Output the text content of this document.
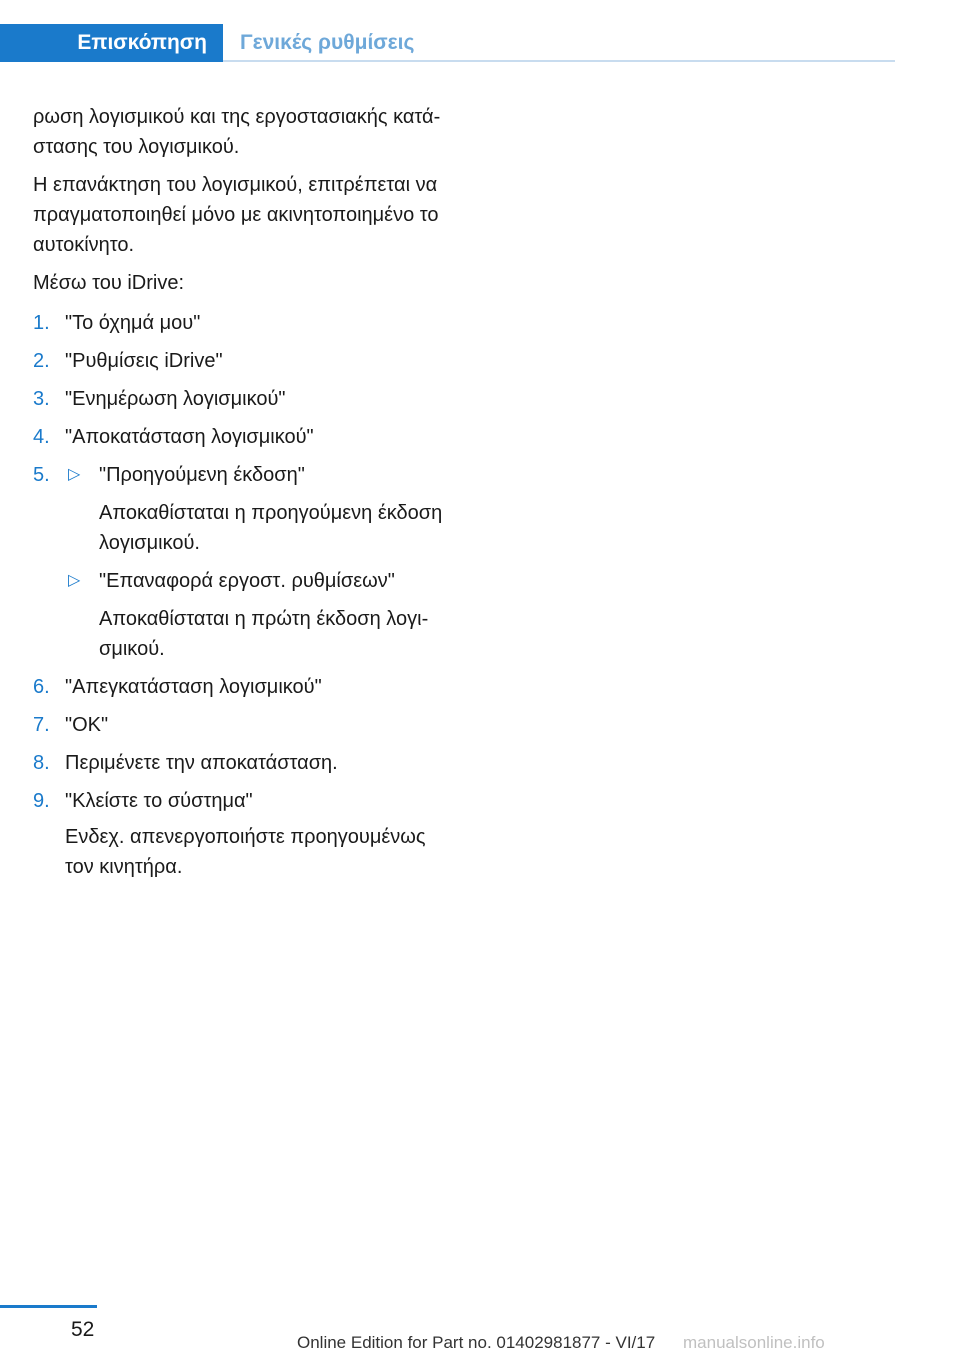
Επισκόπηση	Γενικές ρυθμίσεις

ρωση λογισμικού και της εργοστασιακής κατάστασης του λογισμικού.

Η επανάκτηση του λογισμικού, επιτρέπεται να πραγματοποιηθεί μόνο με ακινητοποιημένο το αυτοκίνητο.

Μέσω του iDrive:

1. "Το όχημά μου"
2. "Ρυθμίσεις iDrive"
3. "Ενημέρωση λογισμικού"
4. "Αποκατάσταση λογισμικού"
5. ▷ "Προηγούμενη έκδοση"
Αποκαθίσταται η προηγούμενη έκδοση λογισμικού.
▷ "Επαναφορά εργοστ. ρυθμίσεων"
Αποκαθίσταται η πρώτη έκδοση λογισμικού.
6. "Απεγκατάσταση λογισμικού"
7. "OK"
8. Περιμένετε την αποκατάσταση.
9. "Κλείστε το σύστημα"
Ενδεχ. απενεργοποιήστε προηγουμένως τον κινητήρα.
52
Online Edition for Part no. 01402981877 - VI/17 manualsonline.info
